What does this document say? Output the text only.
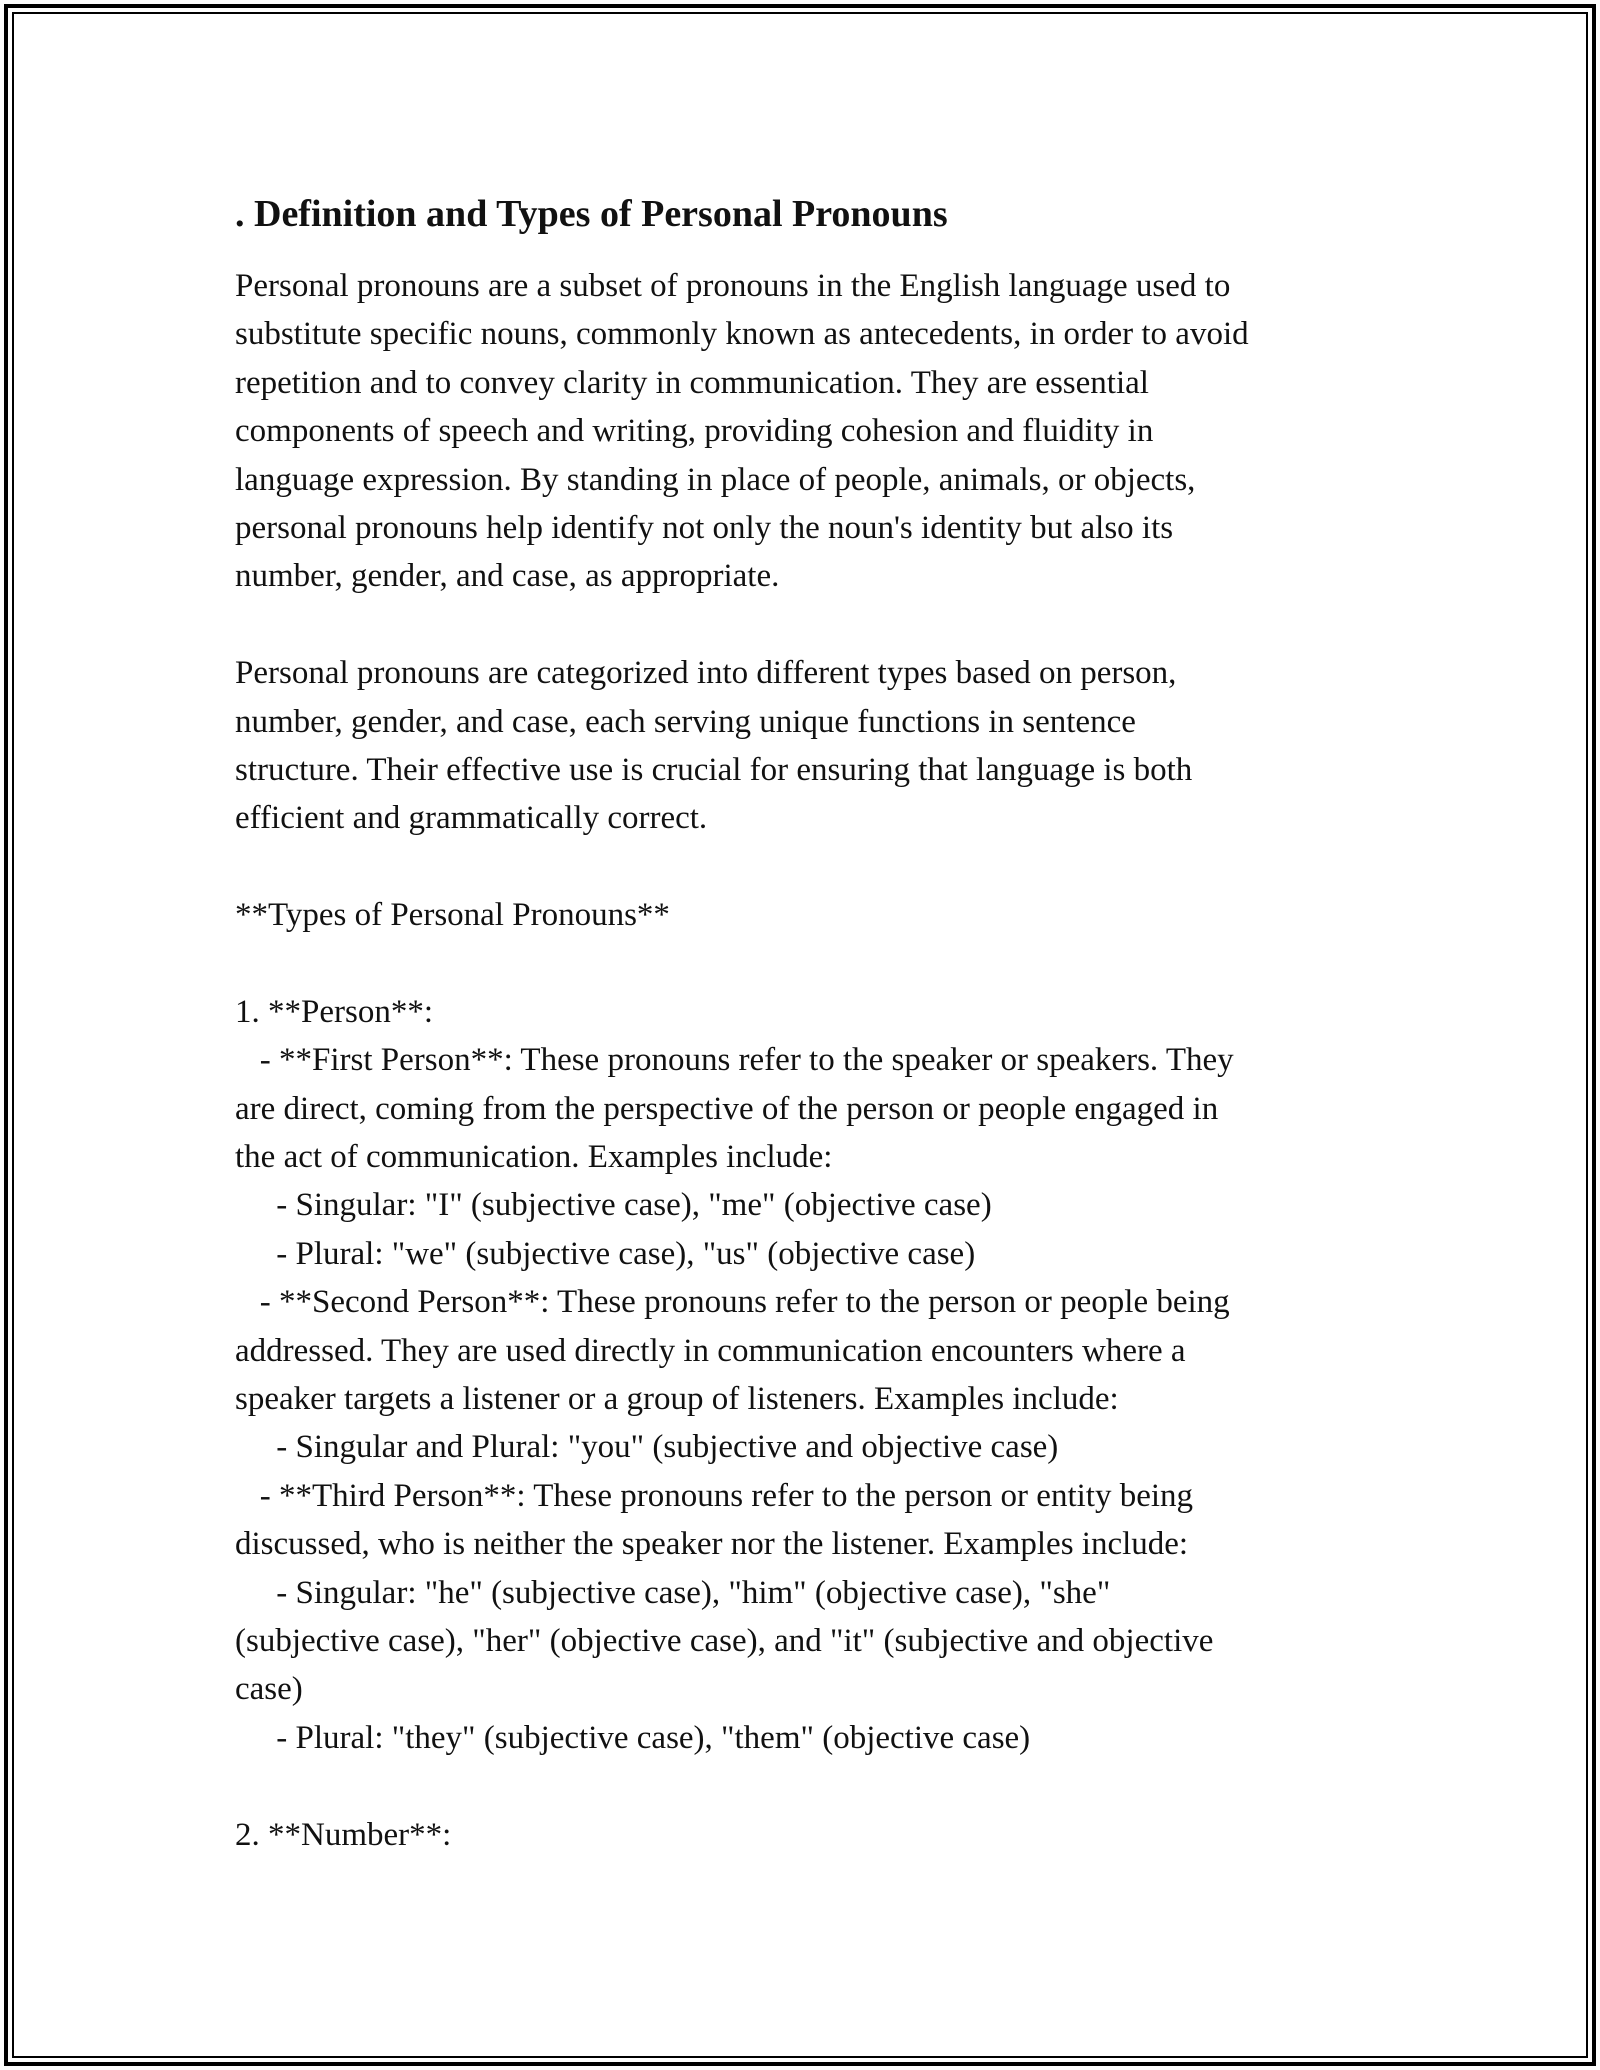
. Definition and Types of Personal Pronouns
Personal pronouns are a subset of pronouns in the English language used to
substitute specific nouns, commonly known as antecedents, in order to avoid
repetition and to convey clarity in communication. They are essential
components of speech and writing, providing cohesion and fluidity in
language expression. By standing in place of people, animals, or objects,
personal pronouns help identify not only the noun's identity but also its
number, gender, and case, as appropriate.
Personal pronouns are categorized into different types based on person,
number, gender, and case, each serving unique functions in sentence
structure. Their effective use is crucial for ensuring that language is both
efficient and grammatically correct.
**Types of Personal Pronouns**
1. **Person**:
- **First Person**: These pronouns refer to the speaker or speakers. They
are direct, coming from the perspective of the person or people engaged in
the act of communication. Examples include:
- Singular: "I" (subjective case), "me" (objective case)
- Plural: "we" (subjective case), "us" (objective case)
- **Second Person**: These pronouns refer to the person or people being
addressed. They are used directly in communication encounters where a
speaker targets a listener or a group of listeners. Examples include:
- Singular and Plural: "you" (subjective and objective case)
- **Third Person**: These pronouns refer to the person or entity being
discussed, who is neither the speaker nor the listener. Examples include:
- Singular: "he" (subjective case), "him" (objective case), "she"
(subjective case), "her" (objective case), and "it" (subjective and objective
case)
- Plural: "they" (subjective case), "them" (objective case)
2. **Number**:
